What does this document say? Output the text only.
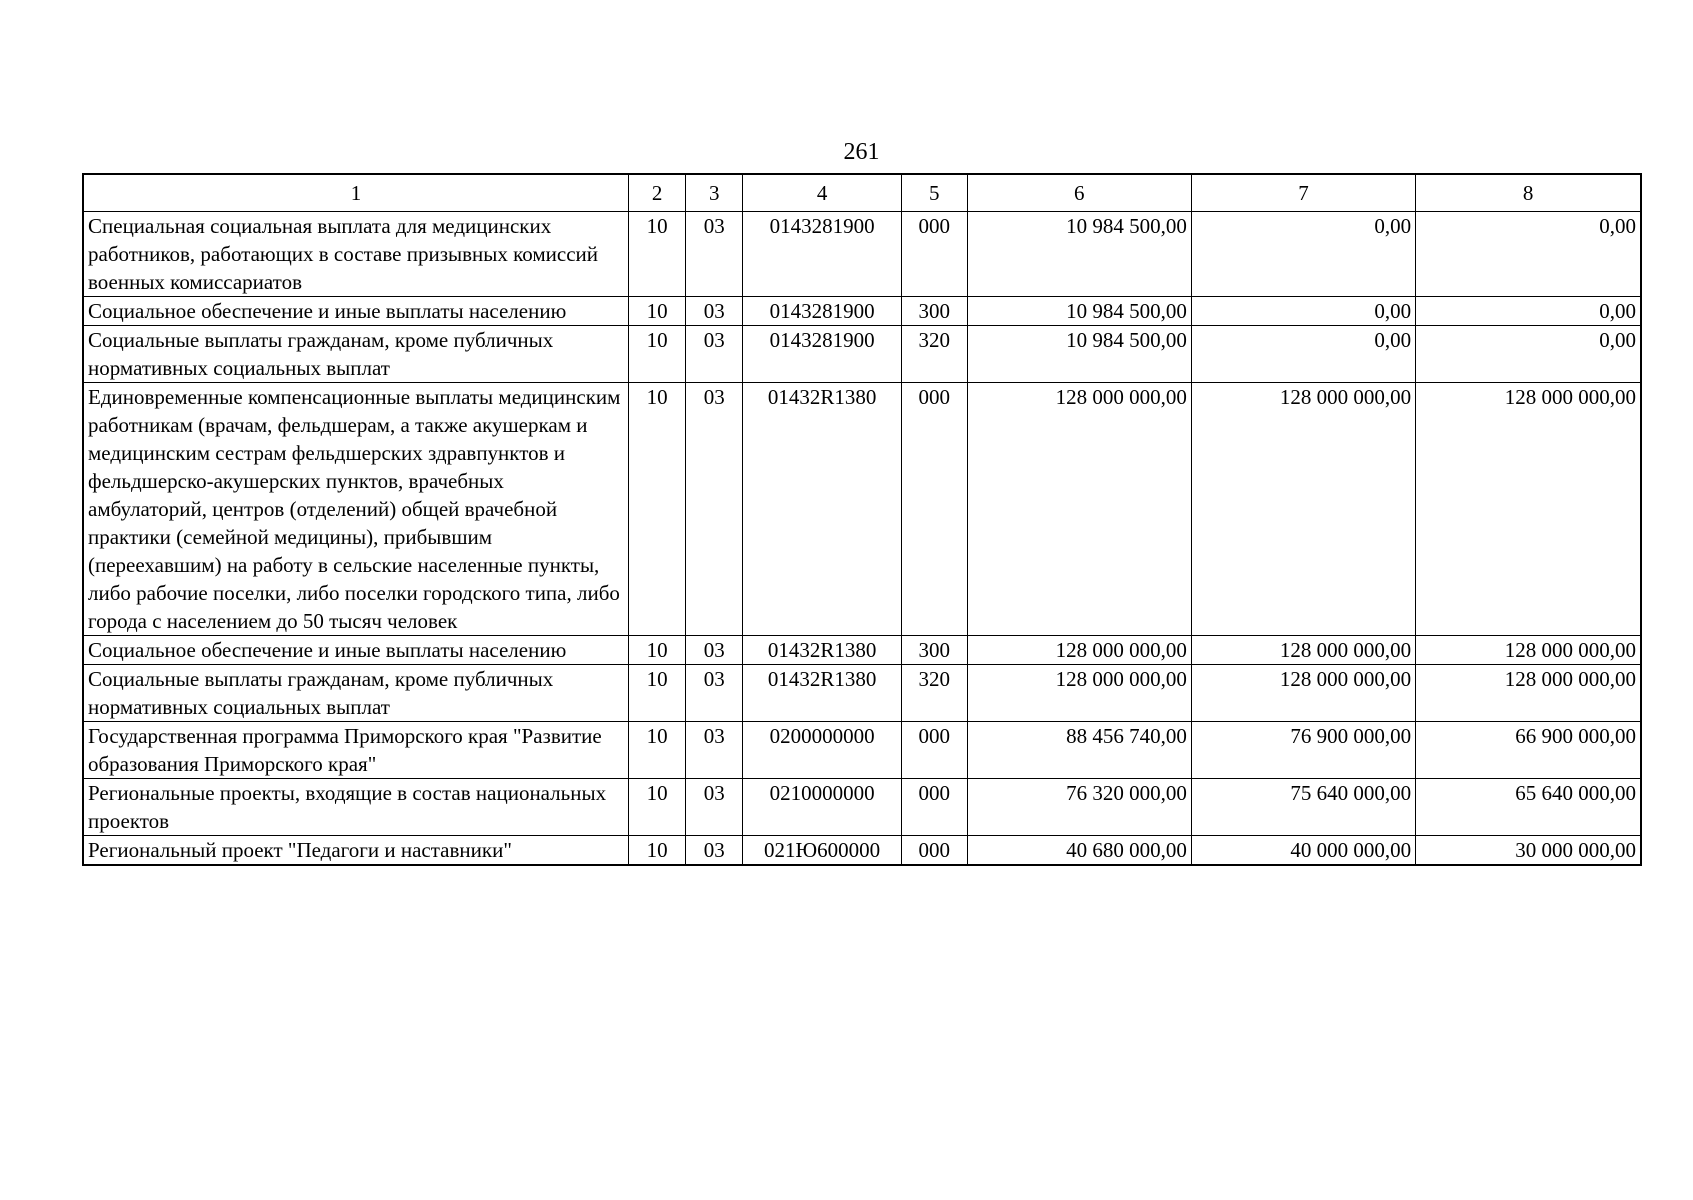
261
1	2	3	4	5	6	7	8
Специальная социальная выплата для медицинских работников, работающих в составе призывных комиссий военных комиссариатов	10	03	0143281900	000	10 984 500,00	0,00	0,00
Социальное обеспечение и иные выплаты населению	10	03	0143281900	300	10 984 500,00	0,00	0,00
Социальные выплаты гражданам, кроме публичных нормативных социальных выплат	10	03	0143281900	320	10 984 500,00	0,00	0,00
Единовременные компенсационные выплаты медицинским работникам (врачам, фельдшерам, а также акушеркам и медицинским сестрам фельдшерских здравпунктов и фельдшерско-акушерских пунктов, врачебных амбулаторий, центров (отделений) общей врачебной практики (семейной медицины), прибывшим (переехавшим) на работу в сельские населенные пункты, либо рабочие поселки, либо поселки городского типа, либо города с населением до 50 тысяч человек	10	03	01432R1380	000	128 000 000,00	128 000 000,00	128 000 000,00
Социальное обеспечение и иные выплаты населению	10	03	01432R1380	300	128 000 000,00	128 000 000,00	128 000 000,00
Социальные выплаты гражданам, кроме публичных нормативных социальных выплат	10	03	01432R1380	320	128 000 000,00	128 000 000,00	128 000 000,00
Государственная программа Приморского края "Развитие образования Приморского края"	10	03	0200000000	000	88 456 740,00	76 900 000,00	66 900 000,00
Региональные проекты, входящие в состав национальных проектов	10	03	0210000000	000	76 320 000,00	75 640 000,00	65 640 000,00
Региональный проект "Педагоги и наставники"	10	03	021Ю600000	000	40 680 000,00	40 000 000,00	30 000 000,00
